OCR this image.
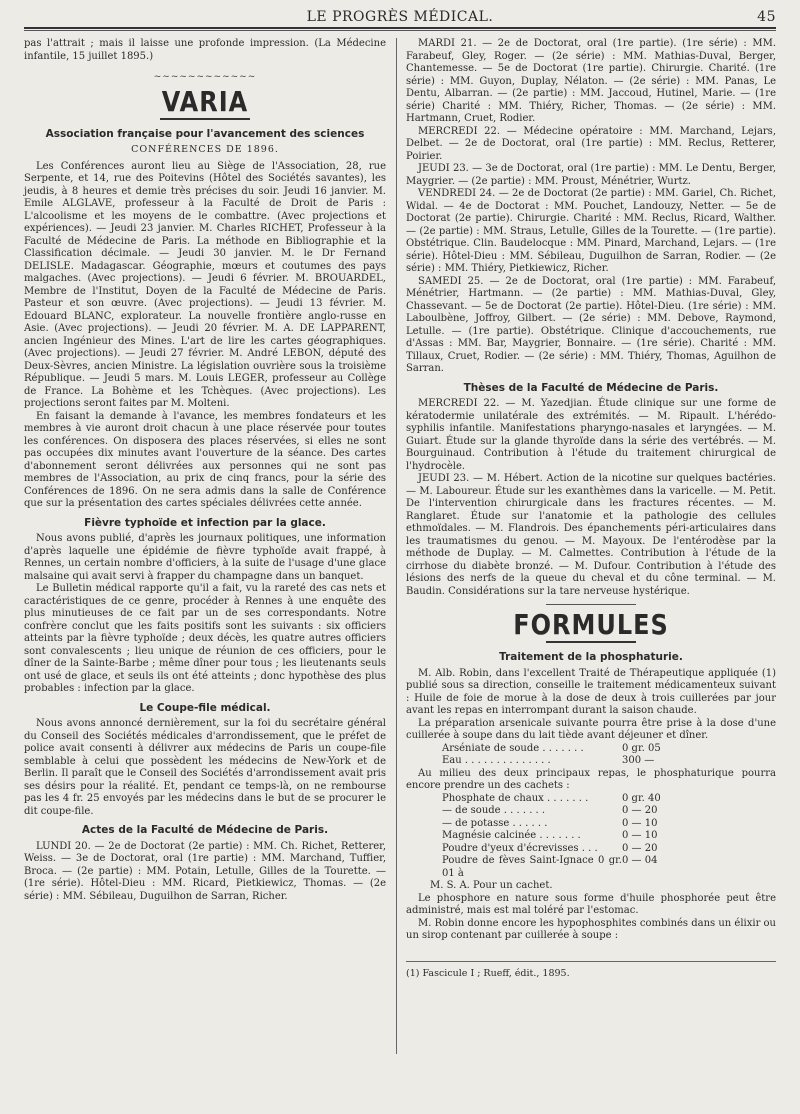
LE PROGRÈS MÉDICAL.	45

pas l'attrait ; mais il laisse une profonde impression. (La Médecine infantile, 15 juillet 1895.)

~~~~~~~~~~~~
VARIA
Association française pour l'avancement des sciences
CONFÉRENCES DE 1896.

Les Conférences auront lieu au Siège de l'Association, 28, rue Serpente, et 14, rue des Poitevins (Hôtel des Sociétés savantes), les jeudis, à 8 heures et demie très précises du soir. Jeudi 16 janvier. M. Emile ALGLAVE, professeur à la Faculté de Droit de Paris : L'alcoolisme et les moyens de le combattre. (Avec projections et expériences). — Jeudi 23 janvier. M. Charles RICHET, Professeur à la Faculté de Médecine de Paris. La méthode en Bibliographie et la Classification décimale. — Jeudi 30 janvier. M. le Dr Fernand DELISLE. Madagascar. Géographie, mœurs et coutumes des pays malgaches. (Avec projections). — Jeudi 6 février. M. BROUARDEL, Membre de l'Institut, Doyen de la Faculté de Médecine de Paris. Pasteur et son œuvre. (Avec projections). — Jeudi 13 février. M. Edouard BLANC, explorateur. La nouvelle frontière anglo-russe en Asie. (Avec projections). — Jeudi 20 février. M. A. DE LAPPARENT, ancien Ingénieur des Mines. L'art de lire les cartes géographiques. (Avec projections). — Jeudi 27 février. M. André LEBON, député des Deux-Sèvres, ancien Ministre. La législation ouvrière sous la troisième République. — Jeudi 5 mars. M. Louis LEGER, professeur au Collège de France. La Bohème et les Tchèques. (Avec projections). Les projections seront faites par M. Molteni.

En faisant la demande à l'avance, les membres fondateurs et les membres à vie auront droit chacun à une place réservée pour toutes les conférences. On disposera des places réservées, si elles ne sont pas occupées dix minutes avant l'ouverture de la séance. Des cartes d'abonnement seront délivrées aux personnes qui ne sont pas membres de l'Association, au prix de cinq francs, pour la série des Conférences de 1896. On ne sera admis dans la salle de Conférence que sur la présentation des cartes spéciales délivrées cette année.

Fièvre typhoïde et infection par la glace.

Nous avons publié, d'après les journaux politiques, une information d'après laquelle une épidémie de fièvre typhoïde avait frappé, à Rennes, un certain nombre d'officiers, à la suite de l'usage d'une glace malsaine qui avait servi à frapper du champagne dans un banquet.

Le Bulletin médical rapporte qu'il a fait, vu la rareté des cas nets et caractéristiques de ce genre, procéder à Rennes à une enquête des plus minutieuses de ce fait par un de ses correspondants. Notre confrère conclut que les faits positifs sont les suivants : six officiers atteints par la fièvre typhoïde ; deux décès, les quatre autres officiers sont convalescents ; lieu unique de réunion de ces officiers, pour le dîner de la Sainte-Barbe ; même dîner pour tous ; les lieutenants seuls ont usé de glace, et seuls ils ont été atteints ; donc hypothèse des plus probables : infection par la glace.

Le Coupe-file médical.

Nous avons annoncé dernièrement, sur la foi du secrétaire général du Conseil des Sociétés médicales d'arrondissement, que le préfet de police avait consenti à délivrer aux médecins de Paris un coupe-file semblable à celui que possèdent les médecins de New-York et de Berlin. Il paraît que le Conseil des Sociétés d'arrondissement avait pris ses désirs pour la réalité. Et, pendant ce temps-là, on ne rembourse pas les 4 fr. 25 envoyés par les médecins dans le but de se procurer le dit coupe-file.

Actes de la Faculté de Médecine de Paris.

LUNDI 20. — 2e de Doctorat (2e partie) : MM. Ch. Richet, Retterer, Weiss. — 3e de Doctorat, oral (1re partie) : MM. Marchand, Tuffier, Broca. — (2e partie) : MM. Potain, Letulle, Gilles de la Tourette. — (1re série). Hôtel-Dieu : MM. Ricard, Pietkiewicz, Thomas. — (2e série) : MM. Sébileau, Duguilhon de Sarran, Richer.

MARDI 21. — 2e de Doctorat, oral (1re partie). (1re série) : MM. Farabeuf, Gley, Roger. — (2e série) : MM. Mathias-Duval, Berger, Chantemesse. — 5e de Doctorat (1re partie). Chirurgie. Charité. (1re série) : MM. Guyon, Duplay, Nélaton. — (2e série) : MM. Panas, Le Dentu, Albarran. — (2e partie) : MM. Jaccoud, Hutinel, Marie. — (1re série) Charité : MM. Thiéry, Richer, Thomas. — (2e série) : MM. Hartmann, Cruet, Rodier.

MERCREDI 22. — Médecine opératoire : MM. Marchand, Lejars, Delbet. — 2e de Doctorat, oral (1re partie) : MM. Reclus, Retterer, Poirier.

JEUDI 23. — 3e de Doctorat, oral (1re partie) : MM. Le Dentu, Berger, Maygrier. — (2e partie) : MM. Proust, Ménétrier, Wurtz.

VENDREDI 24. — 2e de Doctorat (2e partie) : MM. Gariel, Ch. Richet, Widal. — 4e de Doctorat : MM. Pouchet, Landouzy, Netter. — 5e de Doctorat (2e partie). Chirurgie. Charité : MM. Reclus, Ricard, Walther. — (2e partie) : MM. Straus, Letulle, Gilles de la Tourette. — (1re partie). Obstétrique. Clin. Baudelocque : MM. Pinard, Marchand, Lejars. — (1re série). Hôtel-Dieu : MM. Sébileau, Duguilhon de Sarran, Rodier. — (2e série) : MM. Thiéry, Pietkiewicz, Richer.

SAMEDI 25. — 2e de Doctorat, oral (1re partie) : MM. Farabeuf, Ménétrier, Hartmann. — (2e partie) : MM. Mathias-Duval, Gley, Chassevant. — 5e de Doctorat (2e partie). Hôtel-Dieu. (1re série) : MM. Laboulbène, Joffroy, Gilbert. — (2e série) : MM. Debove, Raymond, Letulle. — (1re partie). Obstétrique. Clinique d'accouchements, rue d'Assas : MM. Bar, Maygrier, Bonnaire. — (1re série). Charité : MM. Tillaux, Cruet, Rodier. — (2e série) : MM. Thiéry, Thomas, Aguilhon de Sarran.

Thèses de la Faculté de Médecine de Paris.

MERCREDI 22. — M. Yazedjian. Étude clinique sur une forme de kératodermie unilatérale des extrémités. — M. Ripault. L'hérédo-syphilis infantile. Manifestations pharyngo-nasales et laryngées. — M. Guiart. Étude sur la glande thyroïde dans la série des vertébrés. — M. Bourguinaud. Contribution à l'étude du traitement chirurgical de l'hydrocèle.

JEUDI 23. — M. Hébert. Action de la nicotine sur quelques bactéries. — M. Laboureur. Étude sur les exanthèmes dans la varicelle. — M. Petit. De l'intervention chirurgicale dans les fractures récentes. — M. Ranglaret. Étude sur l'anatomie et la pathologie des cellules ethmoïdales. — M. Flandrois. Des épanchements péri-articulaires dans les traumatismes du genou. — M. Mayoux. De l'entérodèse par la méthode de Duplay. — M. Calmettes. Contribution à l'étude de la cirrhose du diabète bronzé. — M. Dufour. Contribution à l'étude des lésions des nerfs de la queue du cheval et du cône terminal. — M. Baudin. Considérations sur la tare nerveuse hystérique.

FORMULES
Traitement de la phosphaturie.

M. Alb. Robin, dans l'excellent Traité de Thérapeutique appliquée (1) publié sous sa direction, conseille le traitement médicamenteux suivant : Huile de foie de morue à la dose de deux à trois cuillerées par jour avant les repas en interrompant durant la saison chaude.

La préparation arsenicale suivante pourra être prise à la dose d'une cuillerée à soupe dans du lait tiède avant déjeuner et dîner.

Arséniate de soude . . . . . . .	0 gr. 05
Eau . . . . . . . . . . . . . .	300 —

Au milieu des deux principaux repas, le phosphaturique pourra encore prendre un des cachets :

Phosphate de chaux . . . . . . .	0 gr. 40
— de soude . . . . . . .	0 — 20
— de potasse . . . . . .	0 — 10
Magnésie calcinée . . . . . . .	0 — 10
Poudre d'yeux d'écrevisses . . .	0 — 20
Poudre de fèves Saint-Ignace 0 gr. 01 à
0 — 04

M. S. A. Pour un cachet.

Le phosphore en nature sous forme d'huile phosphorée peut être administré, mais est mal toléré par l'estomac.

M. Robin donne encore les hypophosphites combinés dans un élixir ou un sirop contenant par cuillerée à soupe :

(1) Fascicule I ; Rueff, édit., 1895.
